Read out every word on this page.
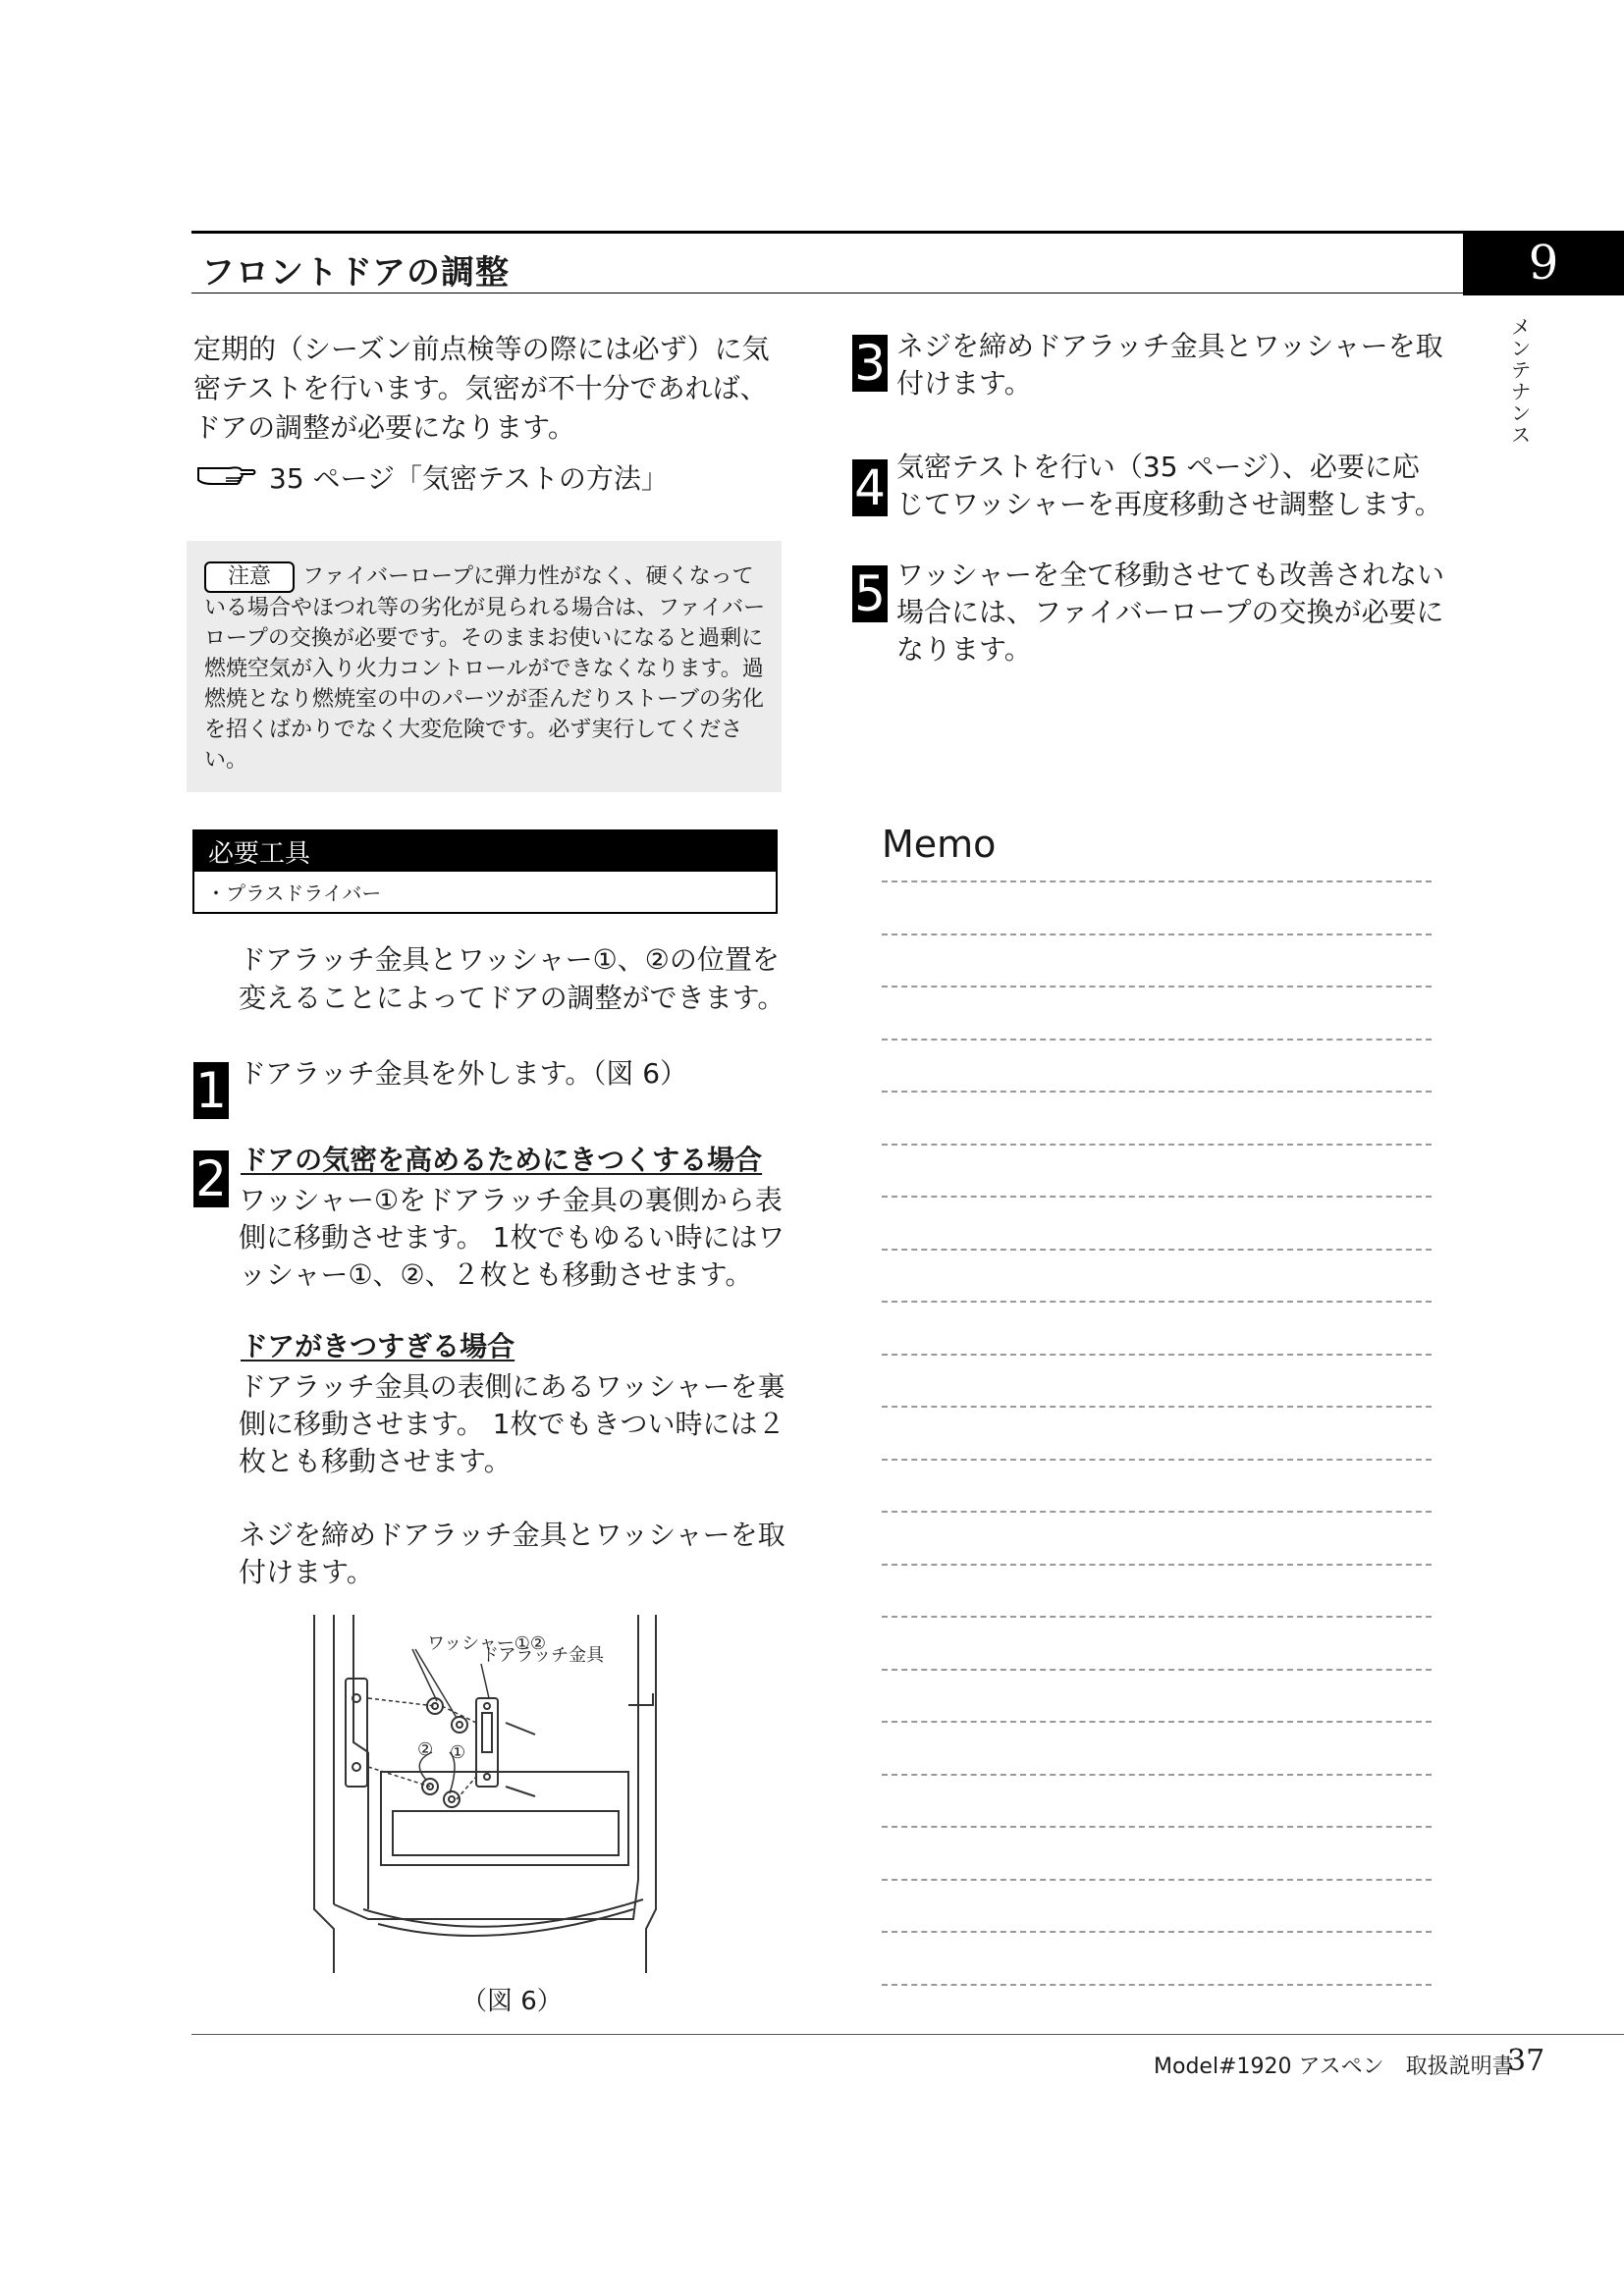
フロントドアの調整	9
メ
ン
テ
ナ
ン
ス

定期的（シーズン前点検等の際には必ず）に気密テストを行います。気密が不十分であれば、ドアの調整が必要になります。

35 ページ「気密テストの方法」

注意 ファイバーロープに弾力性がなく、硬くなっている場合やほつれ等の劣化が見られる場合は、ファイバーロープの交換が必要です。そのままお使いになると過剰に燃焼空気が入り火力コントロールができなくなります。過燃焼となり燃焼室の中のパーツが歪んだりストーブの劣化を招くばかりでなく大変危険です。必ず実行してください。

必要工具
・プラスドライバー

ドアラッチ金具とワッシャー①、②の位置を変えることによってドアの調整ができます。

1 ドアラッチ金具を外します。（図 6）

2 ドアの気密を高めるためにきつくする場合

ワッシャー①をドアラッチ金具の裏側から表側に移動させます。 1枚でもゆるい時にはワッシャー①、②、２枚とも移動させます。

ドアがきつすぎる場合

ドアラッチ金具の表側にあるワッシャーを裏側に移動させます。 1枚でもきつい時には２枚とも移動させます。

ネジを締めドアラッチ金具とワッシャーを取付けます。

ワッシャー①②
ドアラッチ金具
② ①
（図 6）
3 ネジを締めドアラッチ金具とワッシャーを取付けます。

4 気密テストを行い（35 ページ）、必要に応じてワッシャーを再度移動させ調整します。

5 ワッシャーを全て移動させても改善されない場合には、ファイバーロープの交換が必要になります。

Memo
Model#1920 アスペン　取扱説明書
37
